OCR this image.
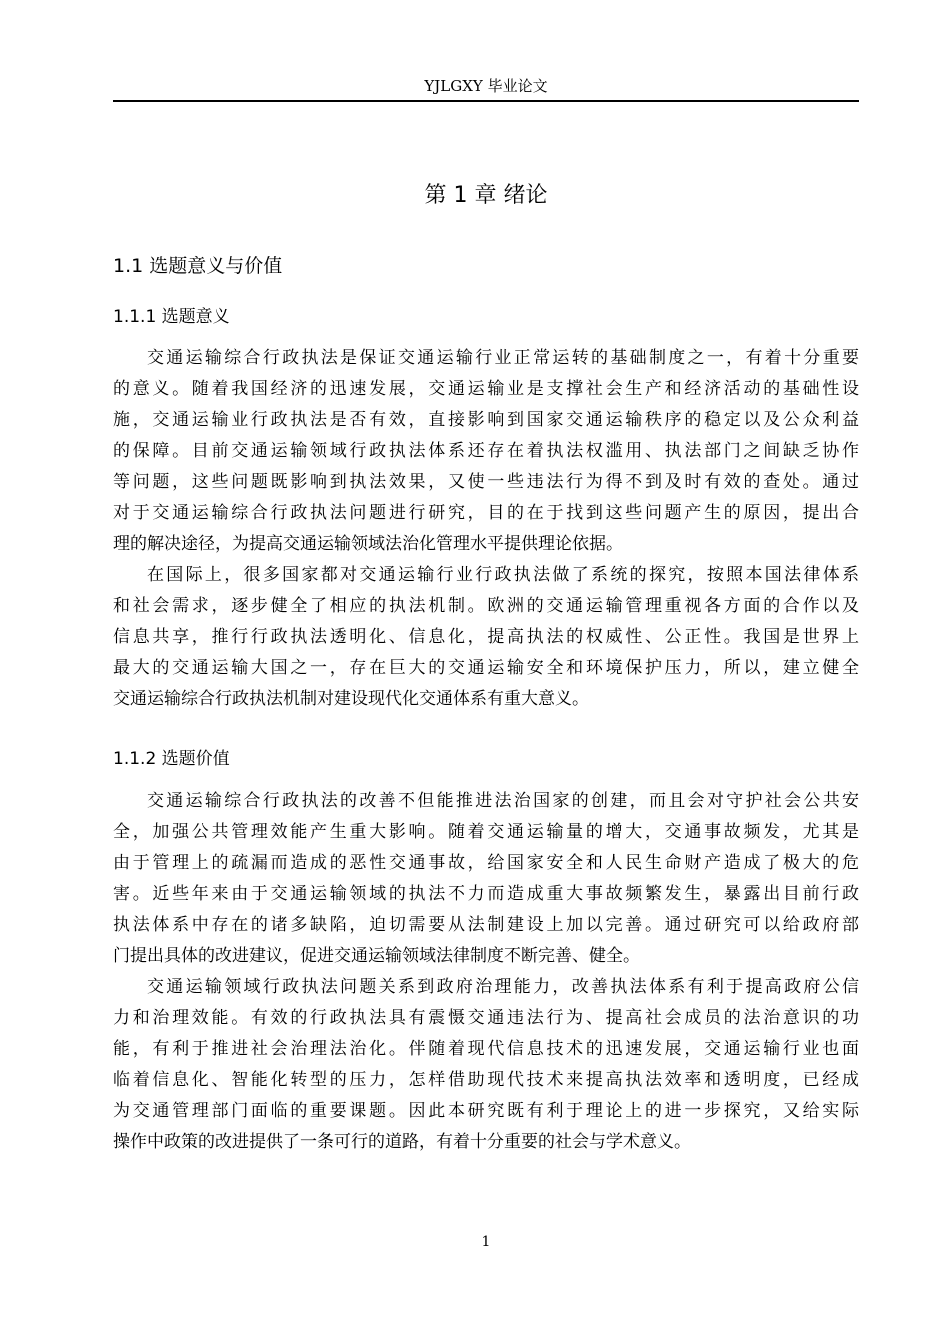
YJLGXY 毕业论文
第 1 章 绪论
1.1 选题意义与价值
1.1.1 选题意义
交通运输综合行政执法是保证交通运输行业正常运转的基础制度之一，有着十分重要
的意义。随着我国经济的迅速发展，交通运输业是支撑社会生产和经济活动的基础性设
施，交通运输业行政执法是否有效，直接影响到国家交通运输秩序的稳定以及公众利益
的保障。目前交通运输领域行政执法体系还存在着执法权滥用、执法部门之间缺乏协作
等问题，这些问题既影响到执法效果，又使一些违法行为得不到及时有效的查处。通过
对于交通运输综合行政执法问题进行研究，目的在于找到这些问题产生的原因，提出合
理的解决途径，为提高交通运输领域法治化管理水平提供理论依据。
在国际上，很多国家都对交通运输行业行政执法做了系统的探究，按照本国法律体系
和社会需求，逐步健全了相应的执法机制。欧洲的交通运输管理重视各方面的合作以及
信息共享，推行行政执法透明化、信息化，提高执法的权威性、公正性。我国是世界上
最大的交通运输大国之一，存在巨大的交通运输安全和环境保护压力，所以，建立健全
交通运输综合行政执法机制对建设现代化交通体系有重大意义。
1.1.2 选题价值
交通运输综合行政执法的改善不但能推进法治国家的创建，而且会对守护社会公共安
全，加强公共管理效能产生重大影响。随着交通运输量的增大，交通事故频发，尤其是
由于管理上的疏漏而造成的恶性交通事故，给国家安全和人民生命财产造成了极大的危
害。近些年来由于交通运输领域的执法不力而造成重大事故频繁发生，暴露出目前行政
执法体系中存在的诸多缺陷，迫切需要从法制建设上加以完善。通过研究可以给政府部
门提出具体的改进建议，促进交通运输领域法律制度不断完善、健全。
交通运输领域行政执法问题关系到政府治理能力，改善执法体系有利于提高政府公信
力和治理效能。有效的行政执法具有震慑交通违法行为、提高社会成员的法治意识的功
能，有利于推进社会治理法治化。伴随着现代信息技术的迅速发展，交通运输行业也面
临着信息化、智能化转型的压力，怎样借助现代技术来提高执法效率和透明度，已经成
为交通管理部门面临的重要课题。因此本研究既有利于理论上的进一步探究，又给实际
操作中政策的改进提供了一条可行的道路，有着十分重要的社会与学术意义。
1
